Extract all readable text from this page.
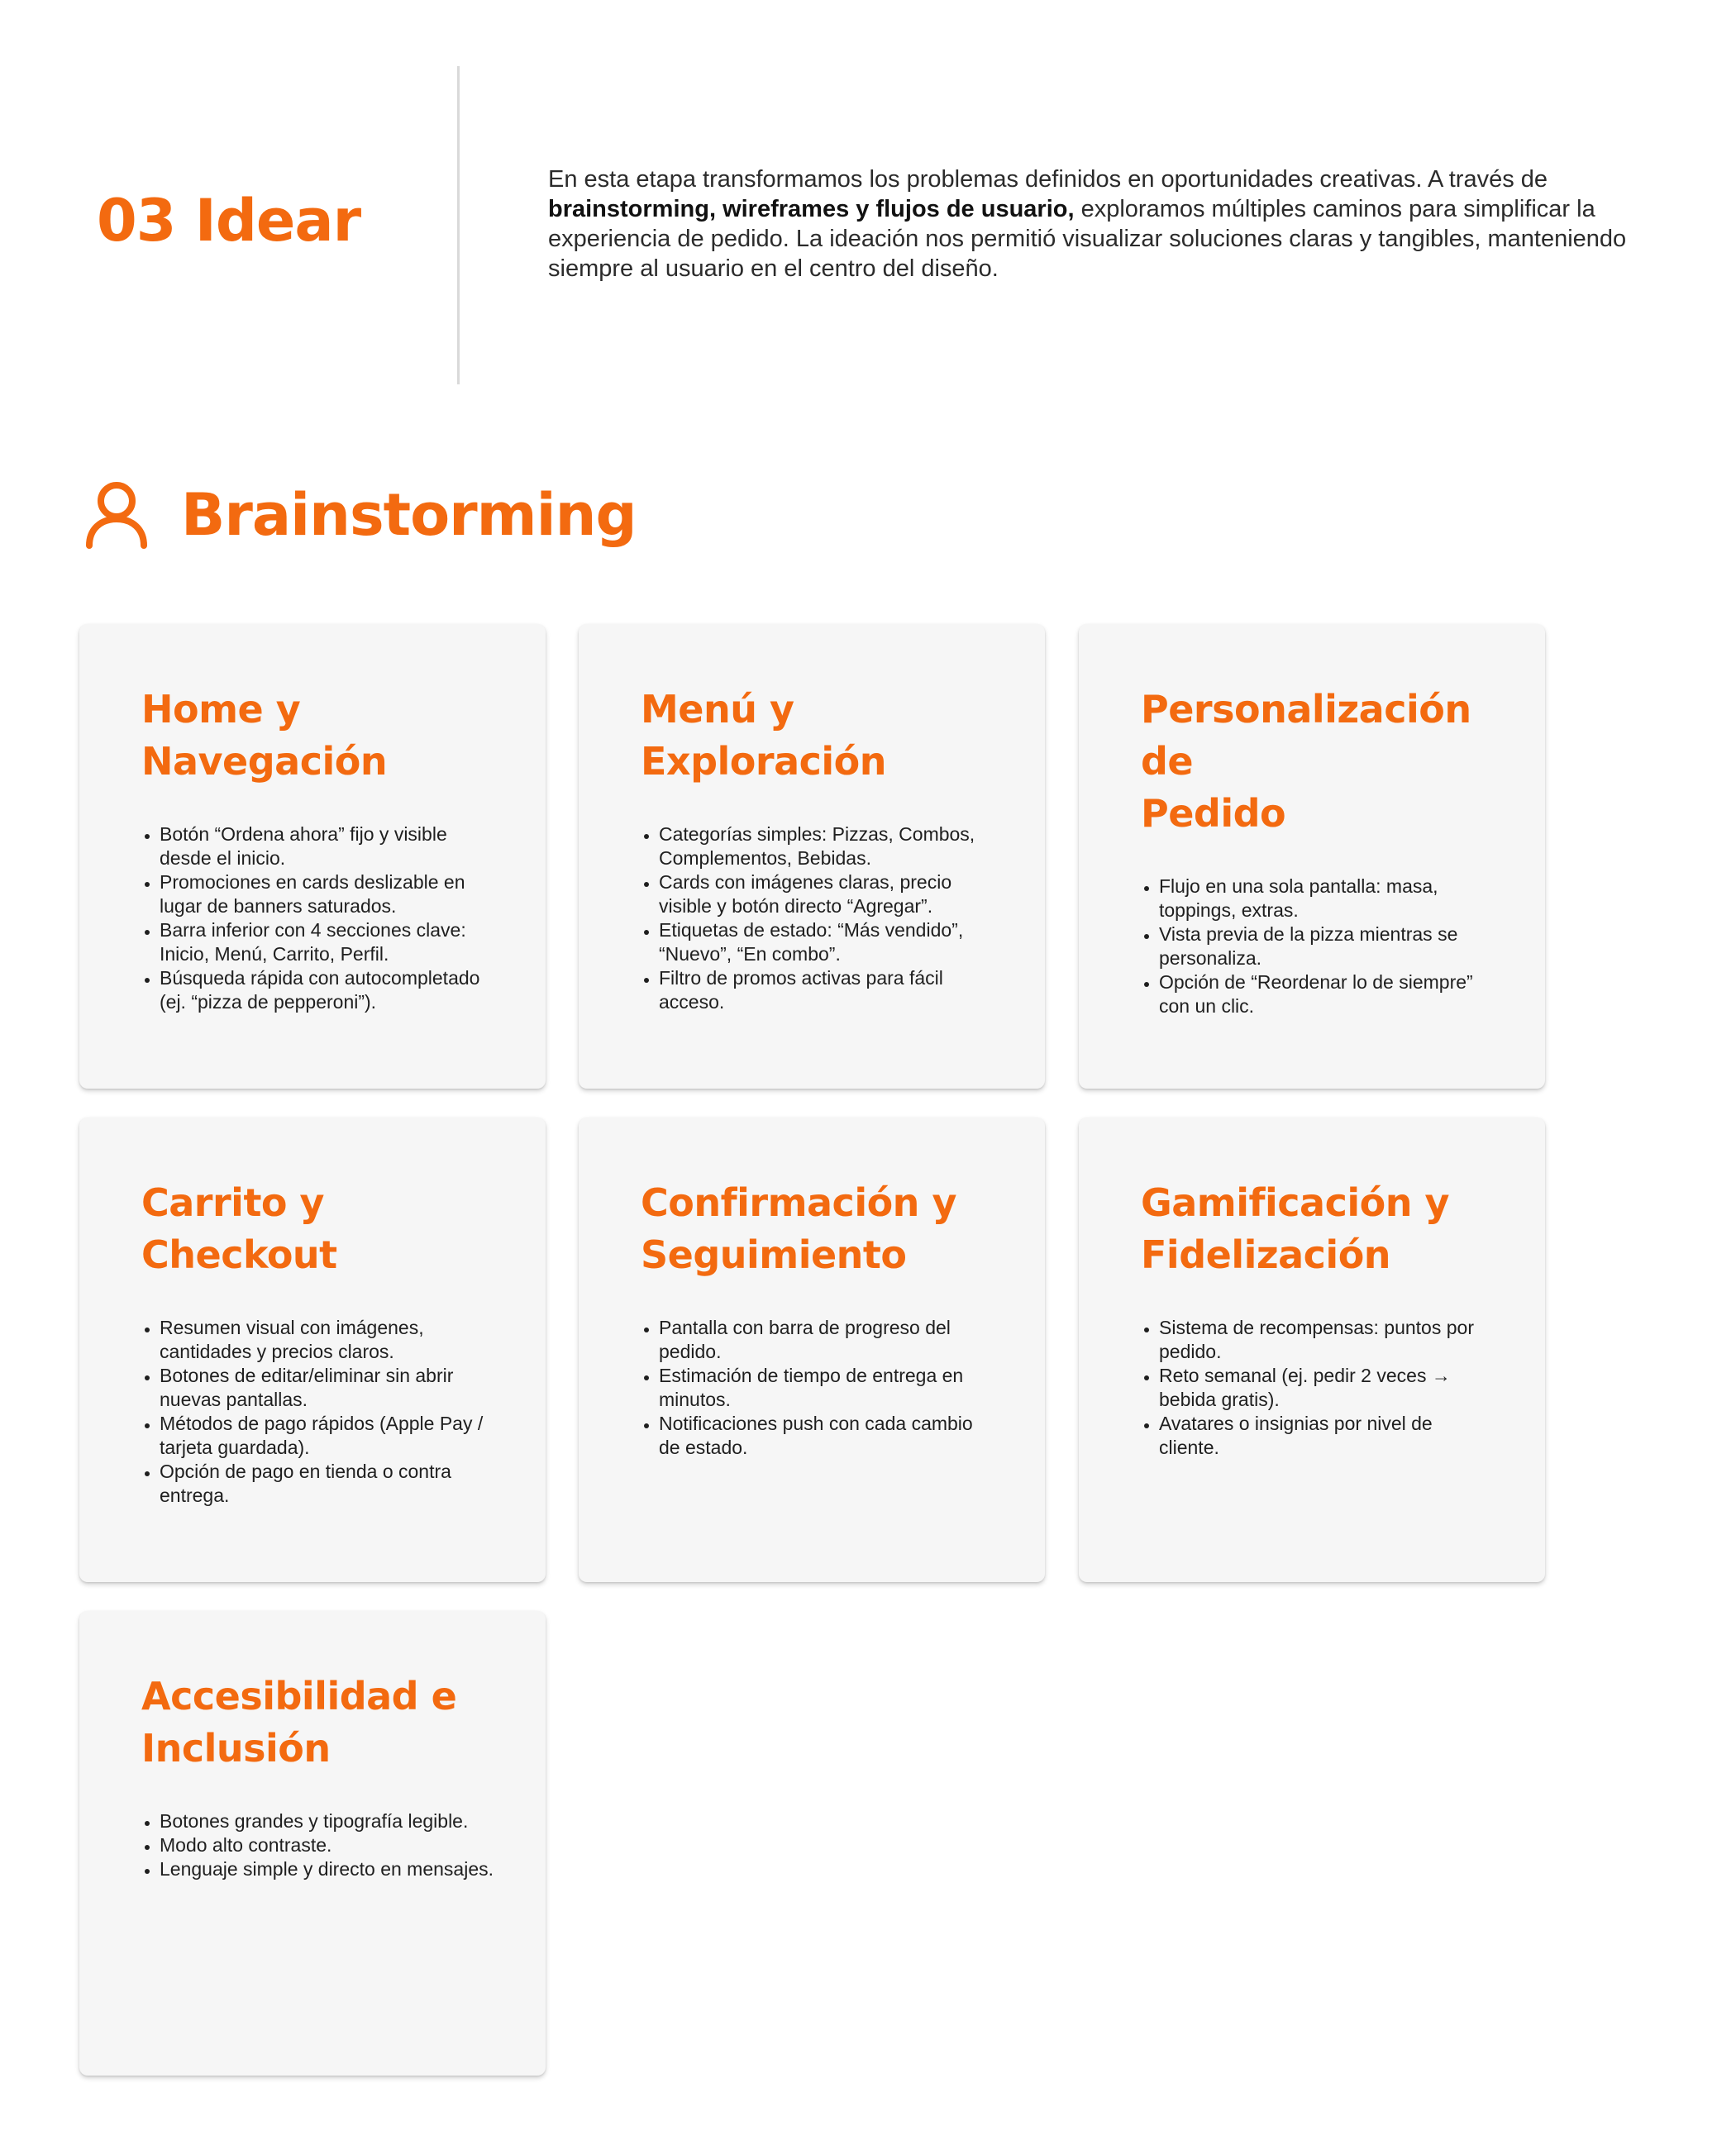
03 Idear

En esta etapa transformamos los problemas definidos en oportunidades creativas. A través de brainstorming, wireframes y flujos de usuario, exploramos múltiples caminos para simplificar la experiencia de pedido. La ideación nos permitió visualizar soluciones claras y tangibles, manteniendo siempre al usuario en el centro del diseño.

Brainstorming
Home y
Navegación
• Botón “Ordena ahora” fijo y visible desde el inicio.
• Promociones en cards deslizable en lugar de banners saturados.
• Barra inferior con 4 secciones clave: Inicio, Menú, Carrito, Perfil.
• Búsqueda rápida con autocompletado (ej. “pizza de pepperoni”).
Menú y
Exploración
• Categorías simples: Pizzas, Combos, Complementos, Bebidas.
• Cards con imágenes claras, precio visible y botón directo “Agregar”.
• Etiquetas de estado: “Más vendido”, “Nuevo”, “En combo”.
• Filtro de promos activas para fácil acceso.
Personalización de
Pedido
• Flujo en una sola pantalla: masa, toppings, extras.
• Vista previa de la pizza mientras se personaliza.
• Opción de “Reordenar lo de siempre” con un clic.
Carrito y
Checkout
• Resumen visual con imágenes, cantidades y precios claros.
• Botones de editar/eliminar sin abrir nuevas pantallas.
• Métodos de pago rápidos (Apple Pay / tarjeta guardada).
• Opción de pago en tienda o contra entrega.
Confirmación y
Seguimiento
• Pantalla con barra de progreso del pedido.
• Estimación de tiempo de entrega en minutos.
• Notificaciones push con cada cambio de estado.
Gamificación y
Fidelización
• Sistema de recompensas: puntos por pedido.
• Reto semanal (ej. pedir 2 veces → bebida gratis).
• Avatares o insignias por nivel de cliente.
Accesibilidad e
Inclusión
• Botones grandes y tipografía legible.
• Modo alto contraste.
• Lenguaje simple y directo en mensajes.
